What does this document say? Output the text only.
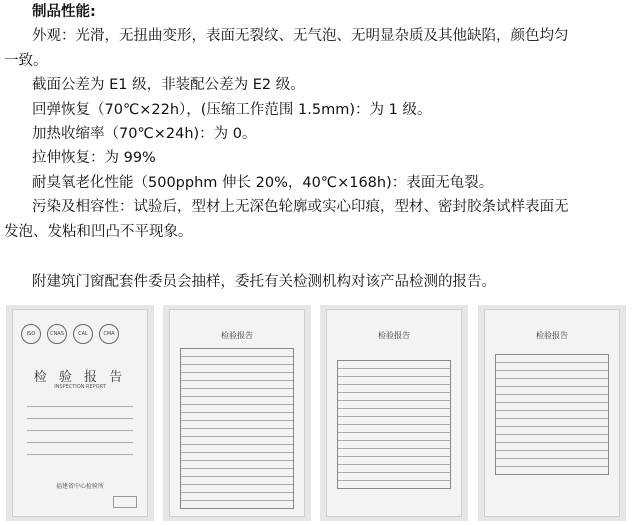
制品性能:
外观：光滑，无扭曲变形，表面无裂纹、无气泡、无明显杂质及其他缺陷，颜色均匀
一致。
截面公差为 E1 级，非装配公差为 E2 级。
回弹恢复（70℃×22h），(压缩工作范围 1.5mm)：为 1 级。
加热收缩率（70℃×24h)：为 0。
拉伸恢复：为 99%
耐臭氧老化性能（500pphm 伸长 20%，40℃×168h)：表面无龟裂。
污染及相容性：试验后，型材上无深色轮廓或实心印痕，型材、密封胶条试样表面无
发泡、发粘和凹凸不平现象。
附建筑门窗配套件委员会抽样，委托有关检测机构对该产品检测的报告。
ISO	CNAS	CAL	CMA
检 验 报 告
INSPECTION REPORT
福建省中心检验所
检验报告	检验报告	检验报告
